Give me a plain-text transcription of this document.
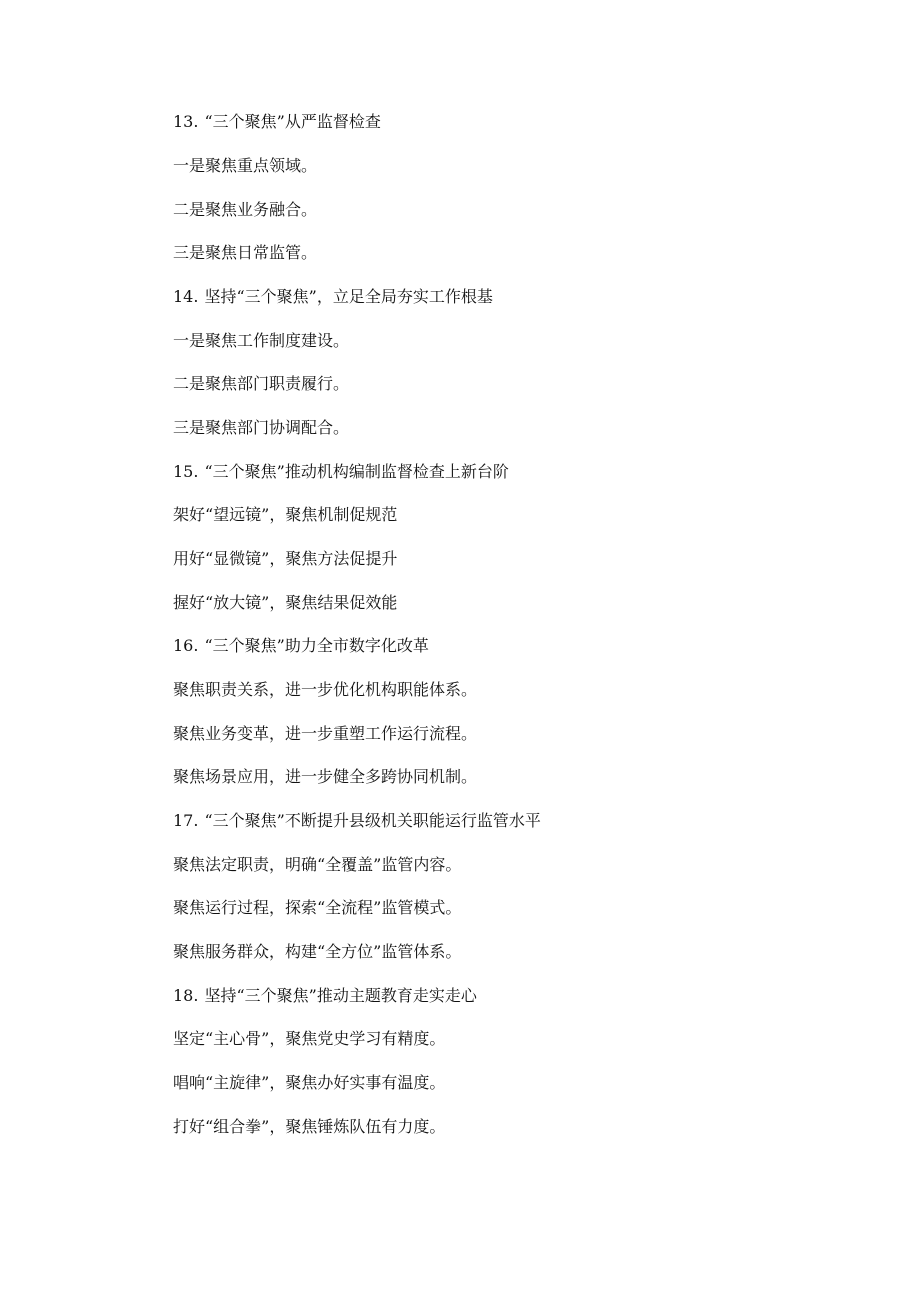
13. “三个聚焦”从严监督检查
一是聚焦重点领域。
二是聚焦业务融合。
三是聚焦日常监管。
14. 坚持“三个聚焦”，立足全局夯实工作根基
一是聚焦工作制度建设。
二是聚焦部门职责履行。
三是聚焦部门协调配合。
15. “三个聚焦”推动机构编制监督检查上新台阶
架好“望远镜”，聚焦机制促规范
用好“显微镜”，聚焦方法促提升
握好“放大镜”，聚焦结果促效能
16. “三个聚焦”助力全市数字化改革
聚焦职责关系，进一步优化机构职能体系。
聚焦业务变革，进一步重塑工作运行流程。
聚焦场景应用，进一步健全多跨协同机制。
17. “三个聚焦”不断提升县级机关职能运行监管水平
聚焦法定职责，明确“全覆盖”监管内容。
聚焦运行过程，探索“全流程”监管模式。
聚焦服务群众，构建“全方位”监管体系。
18. 坚持“三个聚焦”推动主题教育走实走心
坚定“主心骨”，聚焦党史学习有精度。
唱响“主旋律”，聚焦办好实事有温度。
打好“组合拳”，聚焦锤炼队伍有力度。
